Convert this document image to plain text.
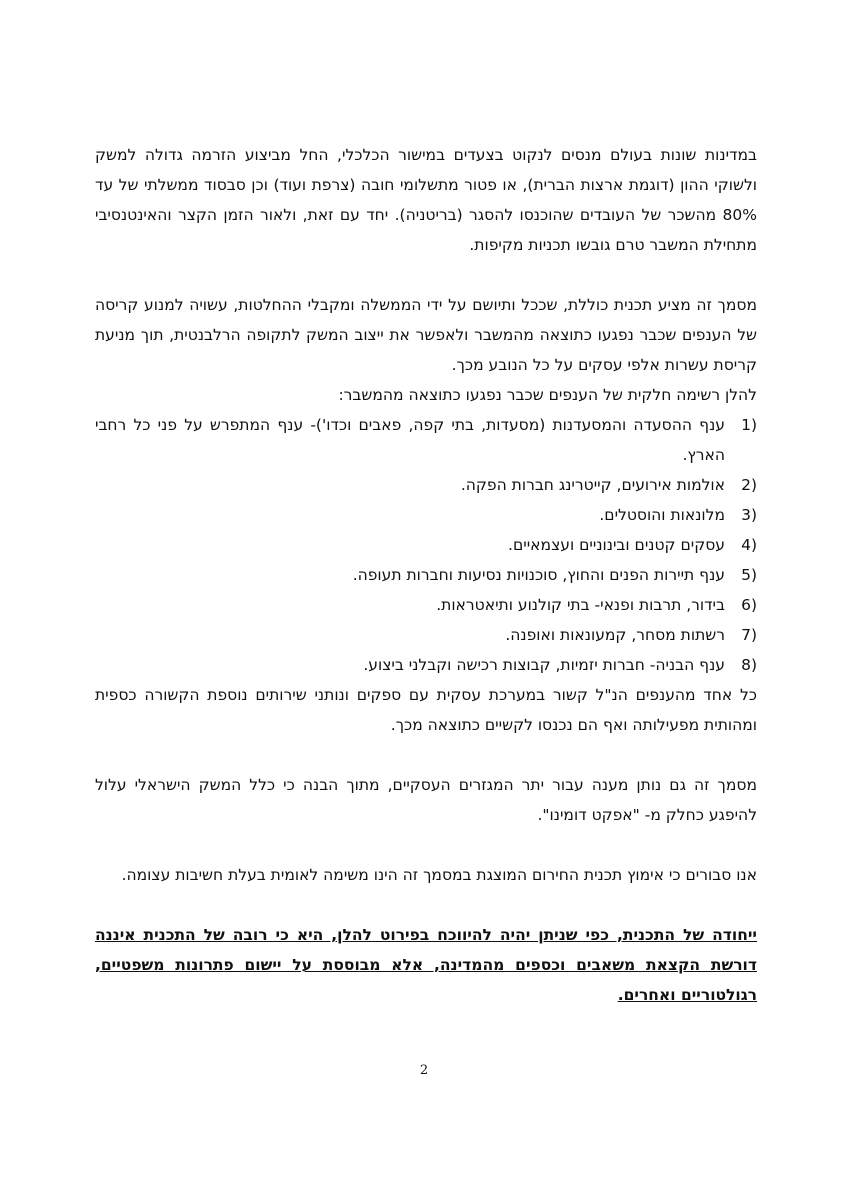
במדינות שונות בעולם מנסים לנקוט בצעדים במישור הכלכלי, החל מביצוע הזרמה גדולה למשק ולשוקי ההון (דוגמת ארצות הברית), או פטור מתשלומי חובה (צרפת ועוד) וכן סבסוד ממשלתי של עד 80% מהשכר של העובדים שהוכנסו להסגר (בריטניה). יחד עם זאת, ולאור הזמן הקצר והאינטנסיבי מתחילת המשבר טרם גובשו תכניות מקיפות.

מסמך זה מציע תכנית כוללת, שככל ותיושם על ידי הממשלה ומקבלי ההחלטות, עשויה למנוע קריסה של הענפים שכבר נפגעו כתוצאה מהמשבר ולאפשר את ייצוב המשק לתקופה הרלבנטית, תוך מניעת קריסת עשרות אלפי עסקים על כל הנובע מכך.

להלן רשימה חלקית של הענפים שכבר נפגעו כתוצאה מהמשבר:

1)
ענף ההסעדה והמסעדנות (מסעדות, בתי קפה, פאבים וכדו')- ענף המתפרש על פני כל רחבי הארץ.
2)
אולמות אירועים, קייטרינג חברות הפקה.
3)
מלונאות והוסטלים.
4)
עסקים קטנים ובינוניים ועצמאיים.
5)
ענף תיירות הפנים והחוץ, סוכנויות נסיעות וחברות תעופה.
6)
בידור, תרבות ופנאי- בתי קולנוע ותיאטראות.
7)
רשתות מסחר, קמעונאות ואופנה.
8)
ענף הבניה- חברות יזמיות, קבוצות רכישה וקבלני ביצוע.

כל אחד מהענפים הנ"ל קשור במערכת עסקית עם ספקים ונותני שירותים נוספת הקשורה כספית ומהותית מפעילותה ואף הם נכנסו לקשיים כתוצאה מכך.

מסמך זה גם נותן מענה עבור יתר המגזרים העסקיים, מתוך הבנה כי כלל המשק הישראלי עלול להיפגע כחלק מ- "אפקט דומינו".

אנו סבורים כי אימוץ תכנית החירום המוצגת במסמך זה הינו משימה לאומית בעלת חשיבות עצומה.

ייחודה של התכנית, כפי שניתן יהיה להיווכח בפירוט להלן, היא כי רובה של התכנית איננה דורשת הקצאת משאבים וכספים מהמדינה, אלא מבוססת על יישום פתרונות משפטיים, רגולטוריים ואחרים.

2
